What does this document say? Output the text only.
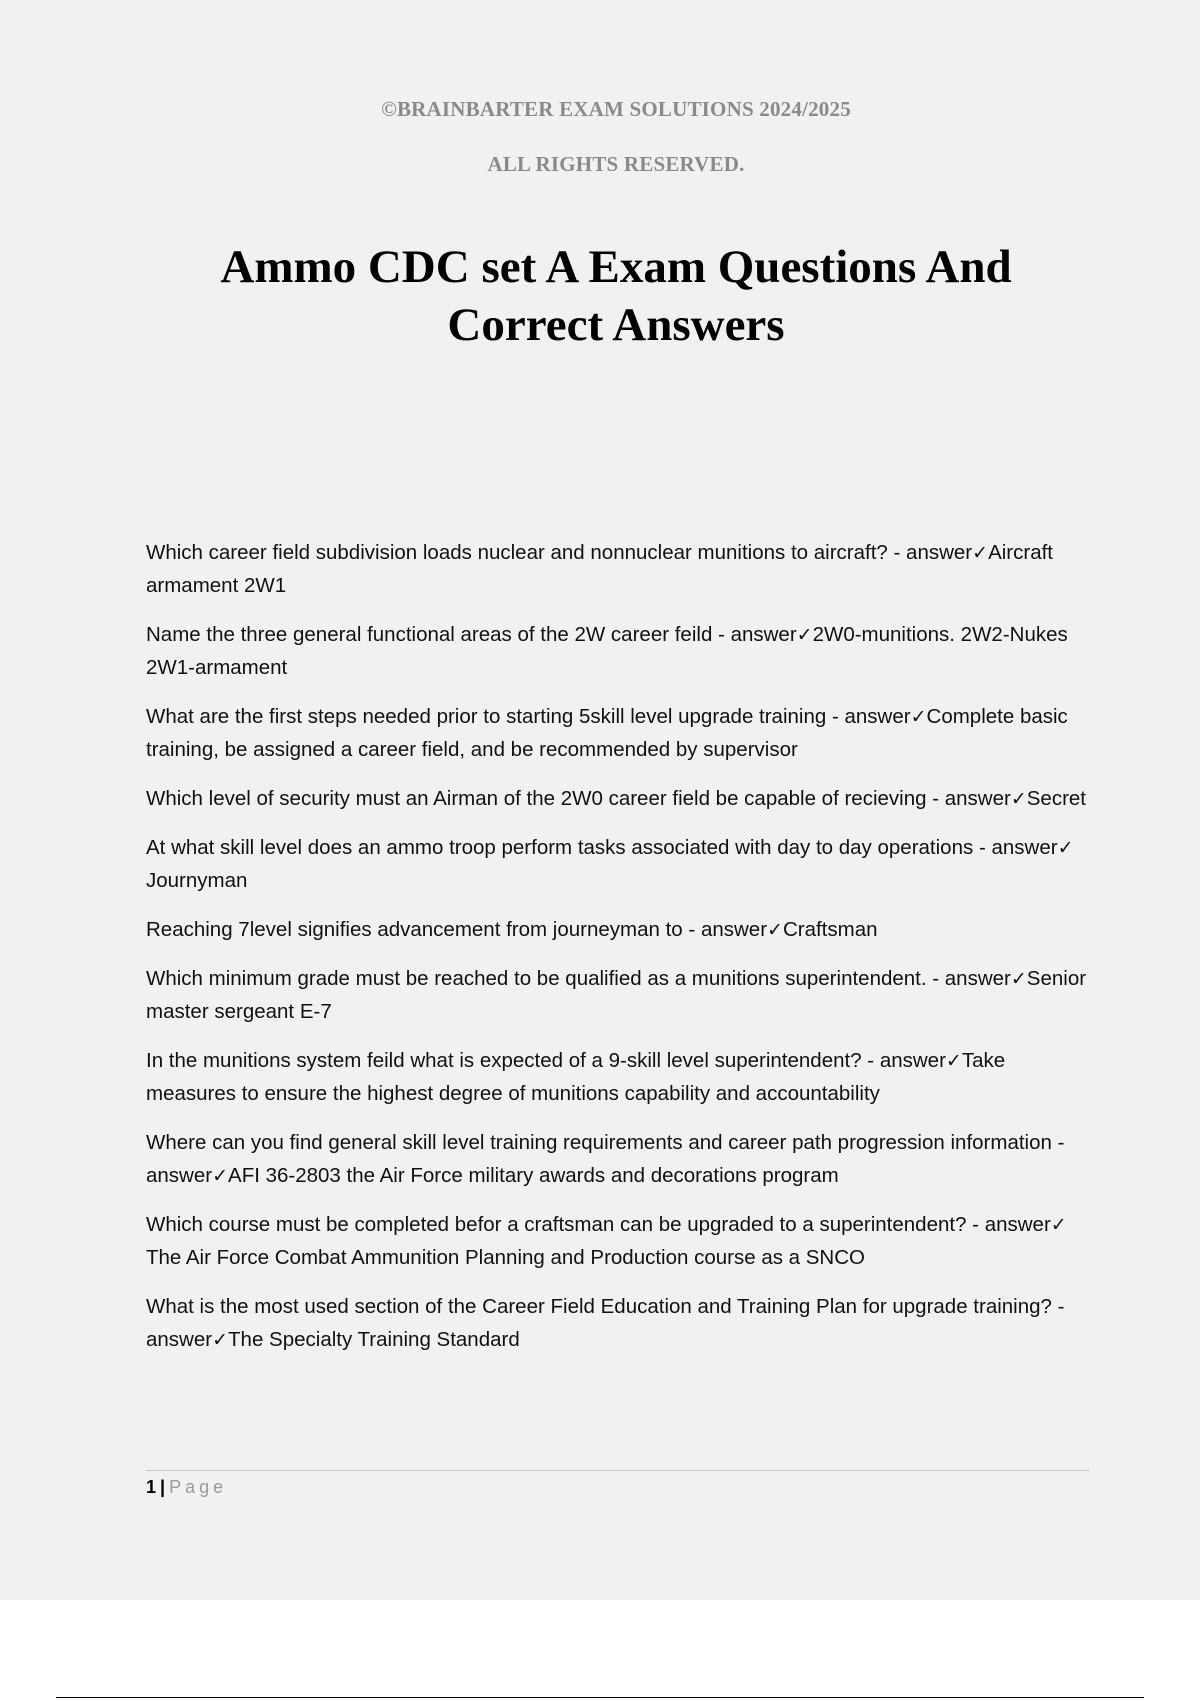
©BRAINBARTER EXAM SOLUTIONS 2024/2025
ALL RIGHTS RESERVED.
Ammo CDC set A Exam Questions And Correct Answers
Which career field subdivision loads nuclear and nonnuclear munitions to aircraft? - answer✓Aircraft armament 2W1
Name the three general functional areas of the 2W career feild - answer✓2W0-munitions. 2W2-Nukes 2W1-armament
What are the first steps needed prior to starting 5skill level upgrade training - answer✓Complete basic training, be assigned a career field, and be recommended by supervisor
Which level of security must an Airman of the 2W0 career field be capable of recieving - answer✓Secret
At what skill level does an ammo troop perform tasks associated with day to day operations - answer✓Journyman
Reaching 7level signifies advancement from journeyman to - answer✓Craftsman
Which minimum grade must be reached to be qualified as a munitions superintendent. - answer✓Senior master sergeant E-7
In the munitions system feild what is expected of a 9-skill level superintendent? - answer✓Take measures to ensure the highest degree of munitions capability and accountability
Where can you find general skill level training requirements and career path progression information - answer✓AFI 36-2803 the Air Force military awards and decorations program
Which course must be completed befor a craftsman can be upgraded to a superintendent? - answer✓The Air Force Combat Ammunition Planning and Production course as a SNCO
What is the most used section of the Career Field Education and Training Plan for upgrade training? - answer✓The Specialty Training Standard
1 | Page
